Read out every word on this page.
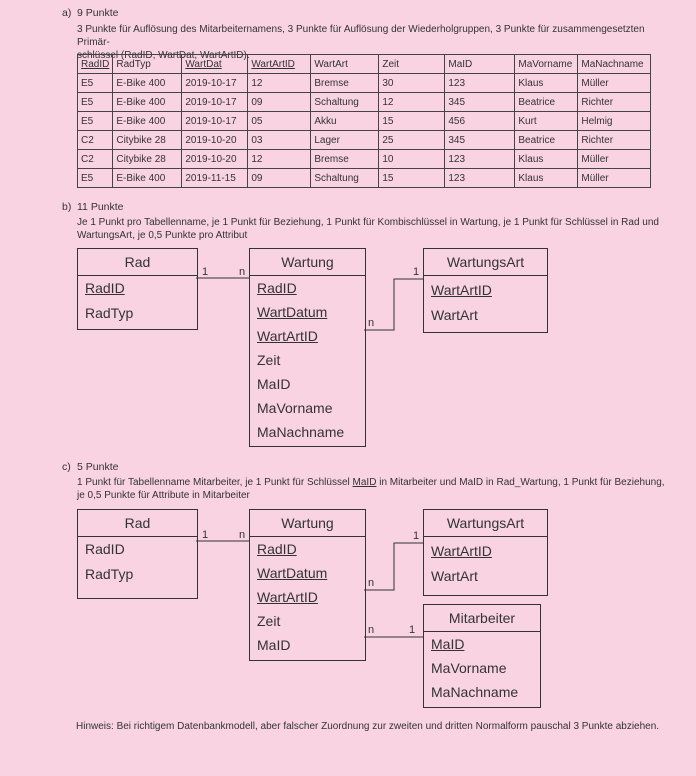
a) 9 Punkte
3 Punkte für Auflösung des Mitarbeiternamens, 3 Punkte für Auflösung der Wiederholgruppen, 3 Punkte für zusammengesetzten Primär-
schlüssel (RadID, WartDat, WartArtID).
RadID	RadTyp	WartDat	WartArtID	WartArt	Zeit	MaID	MaVorname	MaNachname
E5	E-Bike 400	2019-10-17	12	Bremse	30	123	Klaus	Müller
E5	E-Bike 400	2019-10-17	09	Schaltung	12	345	Beatrice	Richter
E5	E-Bike 400	2019-10-17	05	Akku	15	456	Kurt	Helmig
C2	Citybike 28	2019-10-20	03	Lager	25	345	Beatrice	Richter
C2	Citybike 28	2019-10-20	12	Bremse	10	123	Klaus	Müller
E5	E-Bike 400	2019-11-15	09	Schaltung	15	123	Klaus	Müller
b) 11 Punkte
Je 1 Punkt pro Tabellenname, je 1 Punkt für Beziehung, 1 Punkt für Kombischlüssel in Wartung, je 1 Punkt für Schlüssel in Rad und
WartungsArt, je 0,5 Punkte pro Attribut
Rad
RadID
RadTyp
Wartung
RadID
WartDatum
WartArtID
Zeit
MaID
MaVorname
MaNachname
WartungsArt
WartArtID
WartArt
1	n	1
n
c) 5 Punkte
1 Punkt für Tabellenname Mitarbeiter, je 1 Punkt für Schlüssel MaID in Mitarbeiter und MaID in Rad_Wartung, 1 Punkt für Beziehung,
je 0,5 Punkte für Attribute in Mitarbeiter
Rad
RadID
RadTyp
Wartung
RadID
WartDatum
WartArtID
Zeit
MaID
WartungsArt
WartArtID
WartArt
Mitarbeiter
MaID
MaVorname
MaNachname
1	n	1
n
n	1
Hinweis: Bei richtigem Datenbankmodell, aber falscher Zuordnung zur zweiten und dritten Normalform pauschal 3 Punkte abziehen.
